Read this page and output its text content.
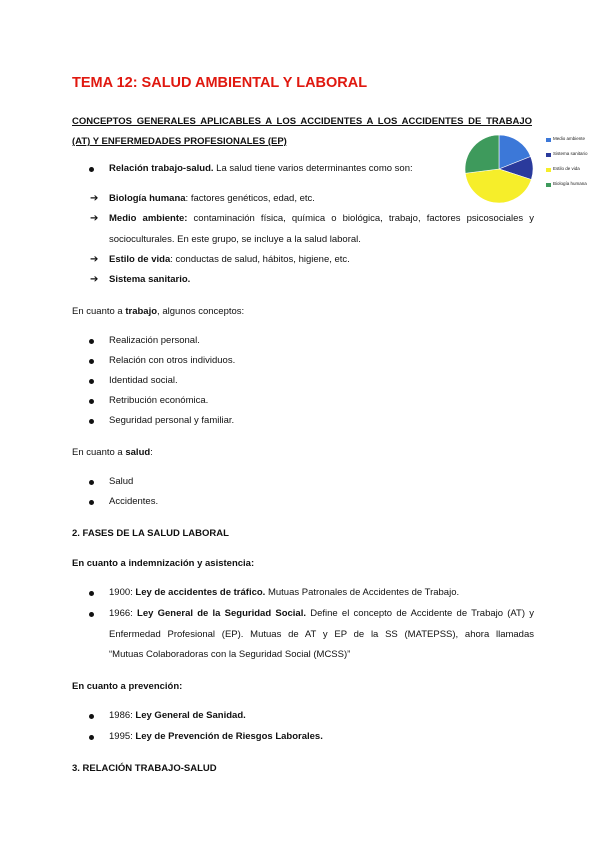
TEMA 12: SALUD AMBIENTAL Y LABORAL
CONCEPTOS GENERALES APLICABLES A LOS ACCIDENTES A LOS ACCIDENTES DE TRABAJO (AT) Y ENFERMEDADES PROFESIONALES (EP)	Medio ambiente
Sistema sanitario
Estilo de vida
Biología humana
Relación trabajo-salud. La salud tiene varios determinantes como son:
➔ Biología humana: factores genéticos, edad, etc.
➔ Medio ambiente: contaminación física, química o biológica, trabajo, factores psicosociales y
socioculturales. En este grupo, se incluye a la salud laboral.
➔ Estilo de vida: conductas de salud, hábitos, higiene, etc.
➔ Sistema sanitario.
En cuanto a trabajo, algunos conceptos:
Realización personal.
Relación con otros individuos.
Identidad social.
Retribución económica.
Seguridad personal y familiar.
En cuanto a salud:
Salud
Accidentes.
2. FASES DE LA SALUD LABORAL
En cuanto a indemnización y asistencia:
1900: Ley de accidentes de tráfico. Mutuas Patronales de Accidentes de Trabajo.
1966: Ley General de la Seguridad Social. Define el concepto de Accidente de Trabajo (AT) y
Enfermedad Profesional (EP). Mutuas de AT y EP de la SS (MATEPSS), ahora llamadas
“Mutuas Colaboradoras con la Seguridad Social (MCSS)”
En cuanto a prevención:
1986: Ley General de Sanidad.
1995: Ley de Prevención de Riesgos Laborales.
3. RELACIÓN TRABAJO-SALUD
